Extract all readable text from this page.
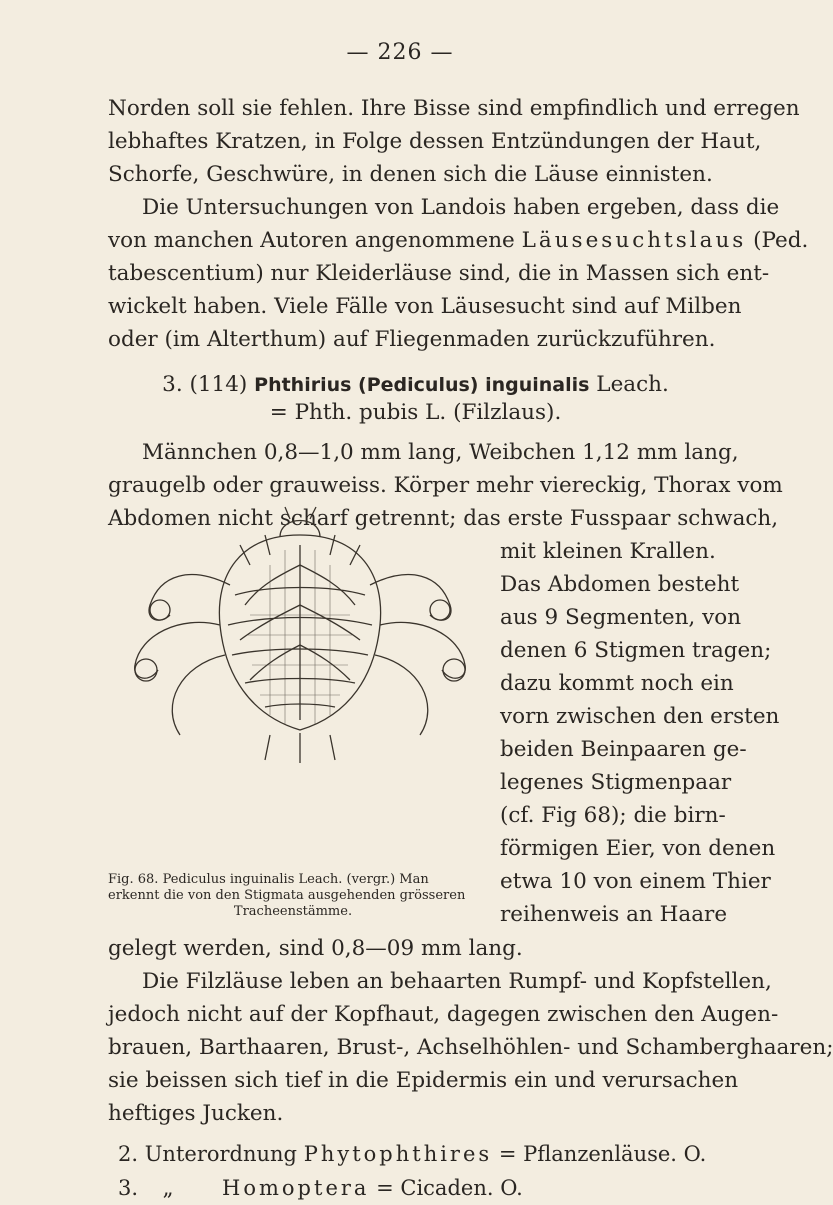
— 226 —
Norden soll sie fehlen. Ihre Bisse sind empfindlich und erregen
lebhaftes Kratzen, in Folge dessen Entzündungen der Haut,
Schorfe, Geschwüre, in denen sich die Läuse einnisten.
Die Untersuchungen von Landois haben ergeben, dass die
von manchen Autoren angenommene Läusesuchtslaus (Ped.
tabescentium) nur Kleiderläuse sind, die in Massen sich ent-
wickelt haben. Viele Fälle von Läusesucht sind auf Milben
oder (im Alterthum) auf Fliegenmaden zurückzuführen.
3. (114) Phthirius (Pediculus) inguinalis Leach.
= Phth. pubis L. (Filzlaus).
Männchen 0,8—1,0 mm lang, Weibchen 1,12 mm lang,
graugelb oder grauweiss. Körper mehr viereckig, Thorax vom
Abdomen nicht scharf getrennt; das erste Fusspaar schwach,
mit kleinen Krallen.
Das Abdomen besteht
aus 9 Segmenten, von
denen 6 Stigmen tragen;
dazu kommt noch ein
vorn zwischen den ersten
beiden Beinpaaren ge-
legenes Stigmenpaar
(cf. Fig 68); die birn-
förmigen Eier, von denen
etwa 10 von einem Thier
reihenweis an Haare
Fig. 68. Pediculus inguinalis Leach. (vergr.) Man
erkennt die von den Stigmata ausgehenden grösseren
Tracheenstämme.
gelegt werden, sind 0,8—09 mm lang.
Die Filzläuse leben an behaarten Rumpf- und Kopfstellen,
jedoch nicht auf der Kopfhaut, dagegen zwischen den Augen-
brauen, Barthaaren, Brust-, Achselhöhlen- und Schamberghaaren;
sie beissen sich tief in die Epidermis ein und verursachen
heftiges Jucken.
2. Unterordnung Phytophthires = Pflanzenläuse. O.
3. „ Homoptera = Cicaden. O.
